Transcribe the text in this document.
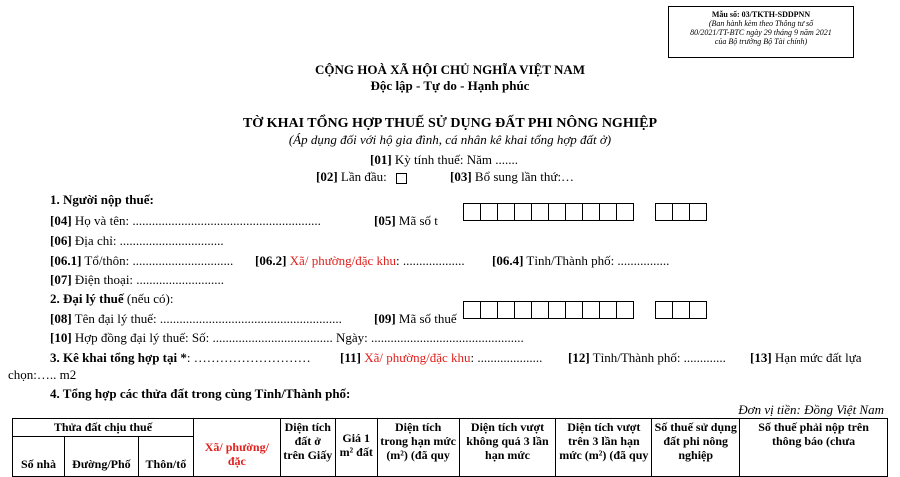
Mẫu số: 03/TKTH-SDDPNN
(Ban hành kèm theo Thông tư số
80/2021/TT-BTC ngày 29 tháng 9 năm 2021
của Bộ trưởng Bộ Tài chính)
CỘNG HOÀ XÃ HỘI CHỦ NGHĨA VIỆT NAM
Độc lập - Tự do - Hạnh phúc
TỜ KHAI TỔNG HỢP THUẾ SỬ DỤNG ĐẤT PHI NÔNG NGHIỆP
(Áp dụng đối với hộ gia đình, cá nhân kê khai tổng hợp đất ở)
[01] Kỳ tính thuế: Năm .......
[02] Lần đầu:	[03] Bổ sung lần thứ:…
1. Người nộp thuế:
[04] Họ và tên: ..........................................................	[05] Mã số t
[06] Địa chỉ: ................................
[06.1] Tổ/thôn: ............................... [06.2] Xã/ phường/đặc khu: ................... [06.4] Tỉnh/Thành phố: ................
[07] Điện thoại: ...........................
2. Đại lý thuế (nếu có):
[08] Tên đại lý thuế: ........................................................ [09] Mã số thuế
[10] Hợp đồng đại lý thuế: Số: ..................................... Ngày: ...............................................
3. Kê khai tổng hợp tại *: ……………………… [11] Xã/ phường/đặc khu: .................... [12] Tỉnh/Thành phố: ............. [13] Hạn mức đất lựa
chọn:….. m2
4. Tổng hợp các thửa đất trong cùng Tỉnh/Thành phố:
Đơn vị tiền: Đồng Việt Nam
Thửa đất chịu thuế			Xã/ phường/đặc	Diện tích đất ở trên Giấy	Giá 1 m² đất	Diện tích trong hạn mức (m²) (đã quy	Diện tích vượt không quá 3 lần hạn mức	Diện tích vượt trên 3 lần hạn mức (m²) (đã quy	Số thuế sử dụng đất phi nông nghiệp	Số thuế phải nộp trên thông báo (chưa
Số nhà	Đường/Phố	Thôn/tổ								
